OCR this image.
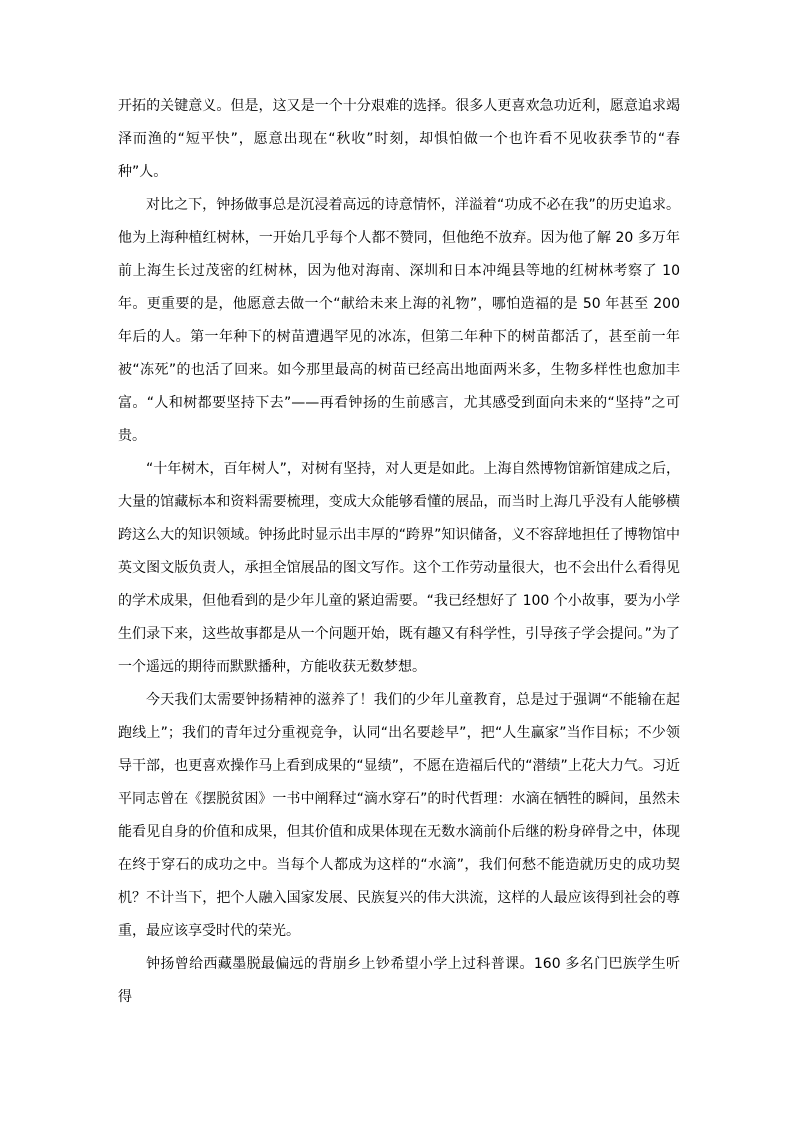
开拓的关键意义。但是，这又是一个十分艰难的选择。很多人更喜欢急功近利，愿意追求竭泽而渔的“短平快”，愿意出现在“秋收”时刻，却惧怕做一个也许看不见收获季节的“春种”人。

对比之下，钟扬做事总是沉浸着高远的诗意情怀，洋溢着“功成不必在我”的历史追求。他为上海种植红树林，一开始几乎每个人都不赞同，但他绝不放弃。因为他了解 20 多万年前上海生长过茂密的红树林，因为他对海南、深圳和日本冲绳县等地的红树林考察了 10 年。更重要的是，他愿意去做一个“献给未来上海的礼物”，哪怕造福的是 50 年甚至 200 年后的人。第一年种下的树苗遭遇罕见的冰冻，但第二年种下的树苗都活了，甚至前一年被“冻死”的也活了回来。如今那里最高的树苗已经高出地面两米多，生物多样性也愈加丰富。“人和树都要坚持下去”——再看钟扬的生前感言，尤其感受到面向未来的“坚持”之可贵。

“十年树木，百年树人”，对树有坚持，对人更是如此。上海自然博物馆新馆建成之后，大量的馆藏标本和资料需要梳理，变成大众能够看懂的展品，而当时上海几乎没有人能够横跨这么大的知识领域。钟扬此时显示出丰厚的“跨界”知识储备，义不容辞地担任了博物馆中英文图文版负责人，承担全馆展品的图文写作。这个工作劳动量很大，也不会出什么看得见的学术成果，但他看到的是少年儿童的紧迫需要。“我已经想好了 100 个小故事，要为小学生们录下来，这些故事都是从一个问题开始，既有趣又有科学性，引导孩子学会提问。”为了一个遥远的期待而默默播种，方能收获无数梦想。

今天我们太需要钟扬精神的滋养了！我们的少年儿童教育，总是过于强调“不能输在起跑线上”；我们的青年过分重视竞争，认同“出名要趁早”，把“人生赢家”当作目标；不少领导干部，也更喜欢操作马上看到成果的“显绩”，不愿在造福后代的“潜绩”上花大力气。习近平同志曾在《摆脱贫困》一书中阐释过“滴水穿石”的时代哲理：水滴在牺牲的瞬间，虽然未能看见自身的价值和成果，但其价值和成果体现在无数水滴前仆后继的粉身碎骨之中，体现在终于穿石的成功之中。当每个人都成为这样的“水滴”，我们何愁不能造就历史的成功契机？不计当下，把个人融入国家发展、民族复兴的伟大洪流，这样的人最应该得到社会的尊重，最应该享受时代的荣光。

钟扬曾给西藏墨脱最偏远的背崩乡上钞希望小学上过科普课。160 多名门巴族学生听得
